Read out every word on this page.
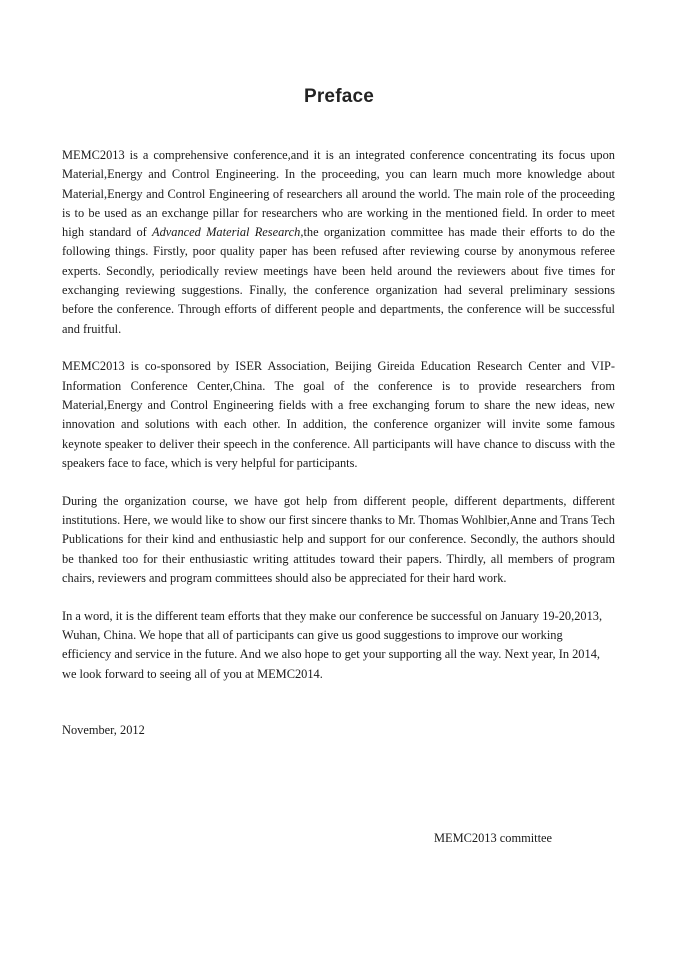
Preface

MEMC2013 is a comprehensive conference,and it is an integrated conference concentrating its focus upon Material,Energy and Control Engineering. In the proceeding, you can learn much more knowledge about Material,Energy and Control Engineering of researchers all around the world. The main role of the proceeding is to be used as an exchange pillar for researchers who are working in the mentioned field. In order to meet high standard of Advanced Material Research,the organization committee has made their efforts to do the following things. Firstly, poor quality paper has been refused after reviewing course by anonymous referee experts. Secondly, periodically review meetings have been held around the reviewers about five times for exchanging reviewing suggestions. Finally, the conference organization had several preliminary sessions before the conference. Through efforts of different people and departments, the conference will be successful and fruitful.

MEMC2013 is co-sponsored by ISER Association, Beijing Gireida Education Research Center and VIP-Information Conference Center,China. The goal of the conference is to provide researchers from Material,Energy and Control Engineering fields with a free exchanging forum to share the new ideas, new innovation and solutions with each other. In addition, the conference organizer will invite some famous keynote speaker to deliver their speech in the conference. All participants will have chance to discuss with the speakers face to face, which is very helpful for participants.

During the organization course, we have got help from different people, different departments, different institutions. Here, we would like to show our first sincere thanks to Mr. Thomas Wohlbier,Anne and Trans Tech Publications for their kind and enthusiastic help and support for our conference. Secondly, the authors should be thanked too for their enthusiastic writing attitudes toward their papers. Thirdly, all members of program chairs, reviewers and program committees should also be appreciated for their hard work.

In a word, it is the different team efforts that they make our conference be successful on January 19-20,2013, Wuhan, China. We hope that all of participants can give us good suggestions to improve our working efficiency and service in the future. And we also hope to get your supporting all the way. Next year, In 2014, we look forward to seeing all of you at MEMC2014.

November, 2012
MEMC2013 committee
